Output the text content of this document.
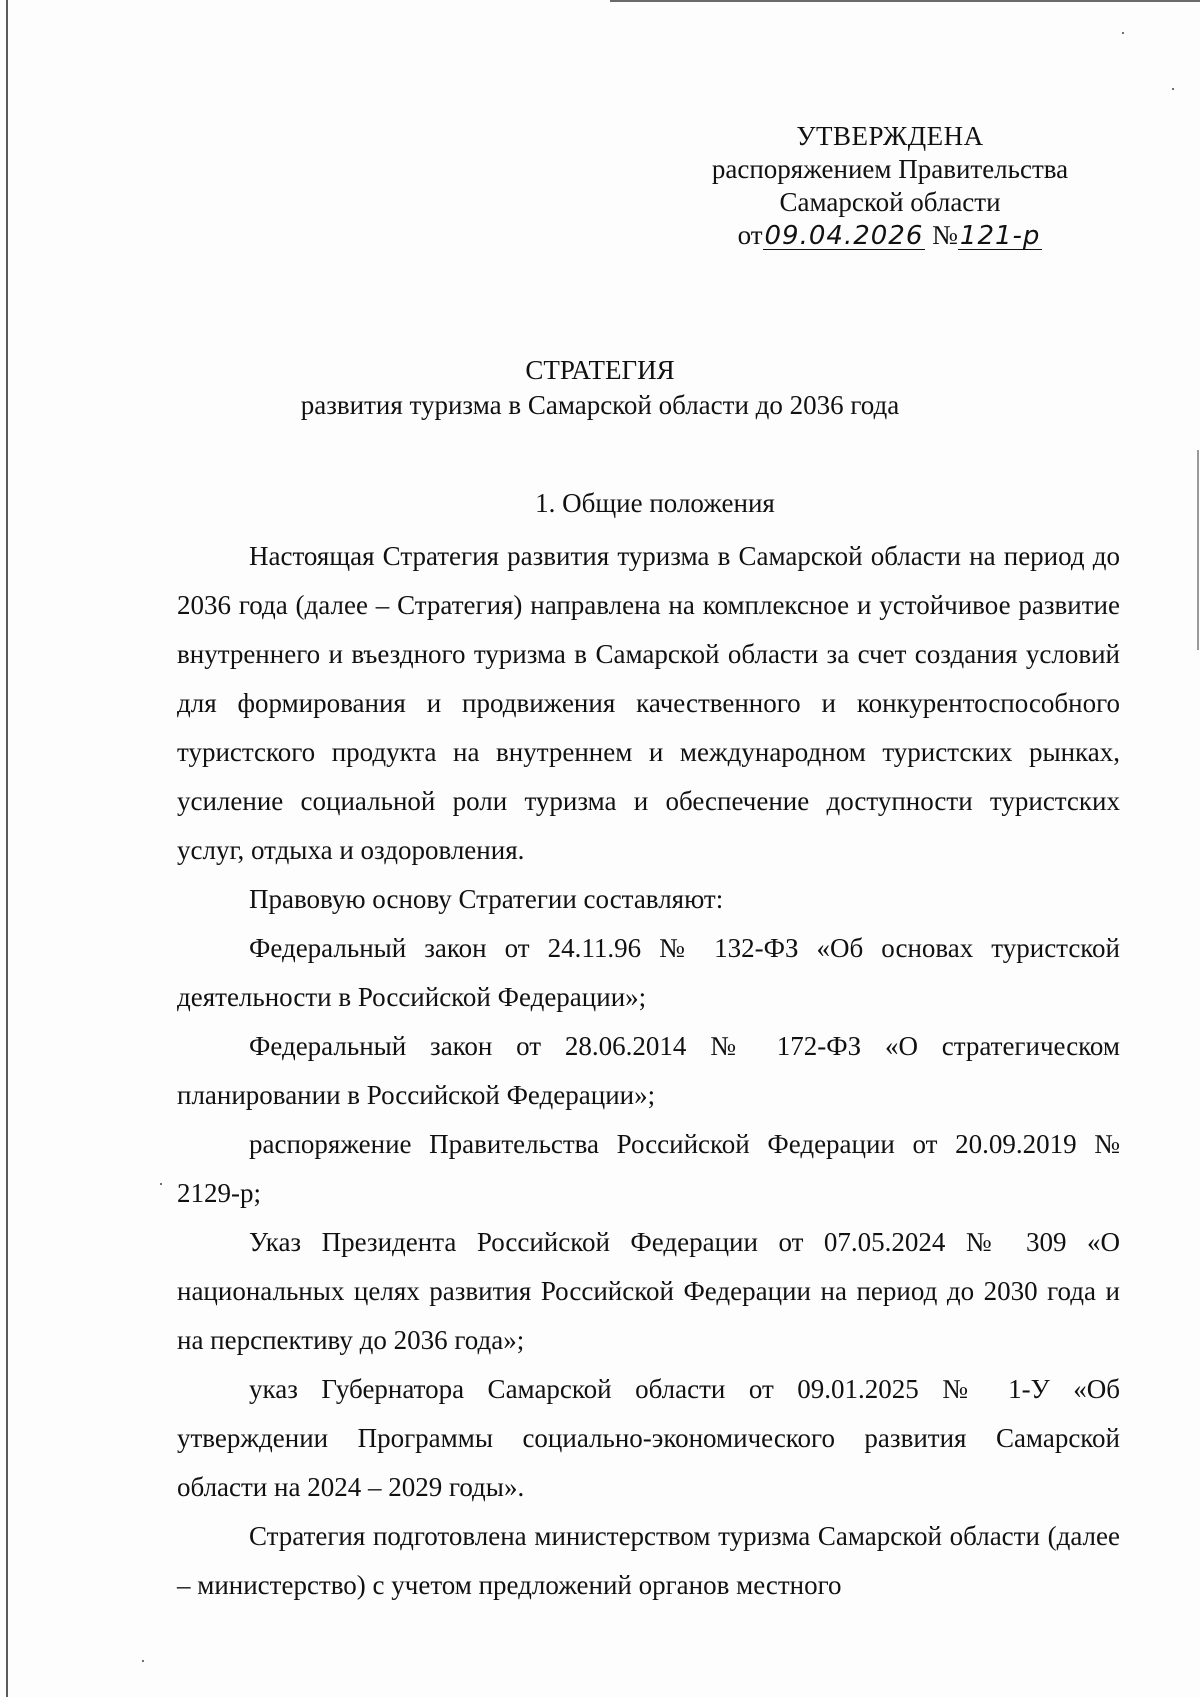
УТВЕРЖДЕНА
распоряжением Правительства
Самарской области
от09.04.2026 №121-р
СТРАТЕГИЯ
развития туризма в Самарской области до 2036 года
1. Общие положения

Настоящая Стратегия развития туризма в Самарской области на период до 2036 года (далее – Стратегия) направлена на комплексное и устойчивое развитие внутреннего и въездного туризма в Самарской области за счет создания условий для формирования и продвижения качественного и конкурентоспособного туристского продукта на внутреннем и международном туристских рынках, усиление социальной роли туризма и обеспечение доступности туристских услуг, отдыха и оздоровления.

Правовую основу Стратегии составляют:

Федеральный закон от 24.11.96 № 132-ФЗ «Об основах туристской деятельности в Российской Федерации»;

Федеральный закон от 28.06.2014 № 172-ФЗ «О стратегическом планировании в Российской Федерации»;

распоряжение Правительства Российской Федерации от 20.09.2019 № 2129-р;

Указ Президента Российской Федерации от 07.05.2024 № 309 «О национальных целях развития Российской Федерации на период до 2030 года и на перспективу до 2036 года»;

указ Губернатора Самарской области от 09.01.2025 № 1-У «Об утверждении Программы социально-экономического развития Самарской области на 2024 – 2029 годы».

Стратегия подготовлена министерством туризма Самарской области (далее – министерство) с учетом предложений органов местного
